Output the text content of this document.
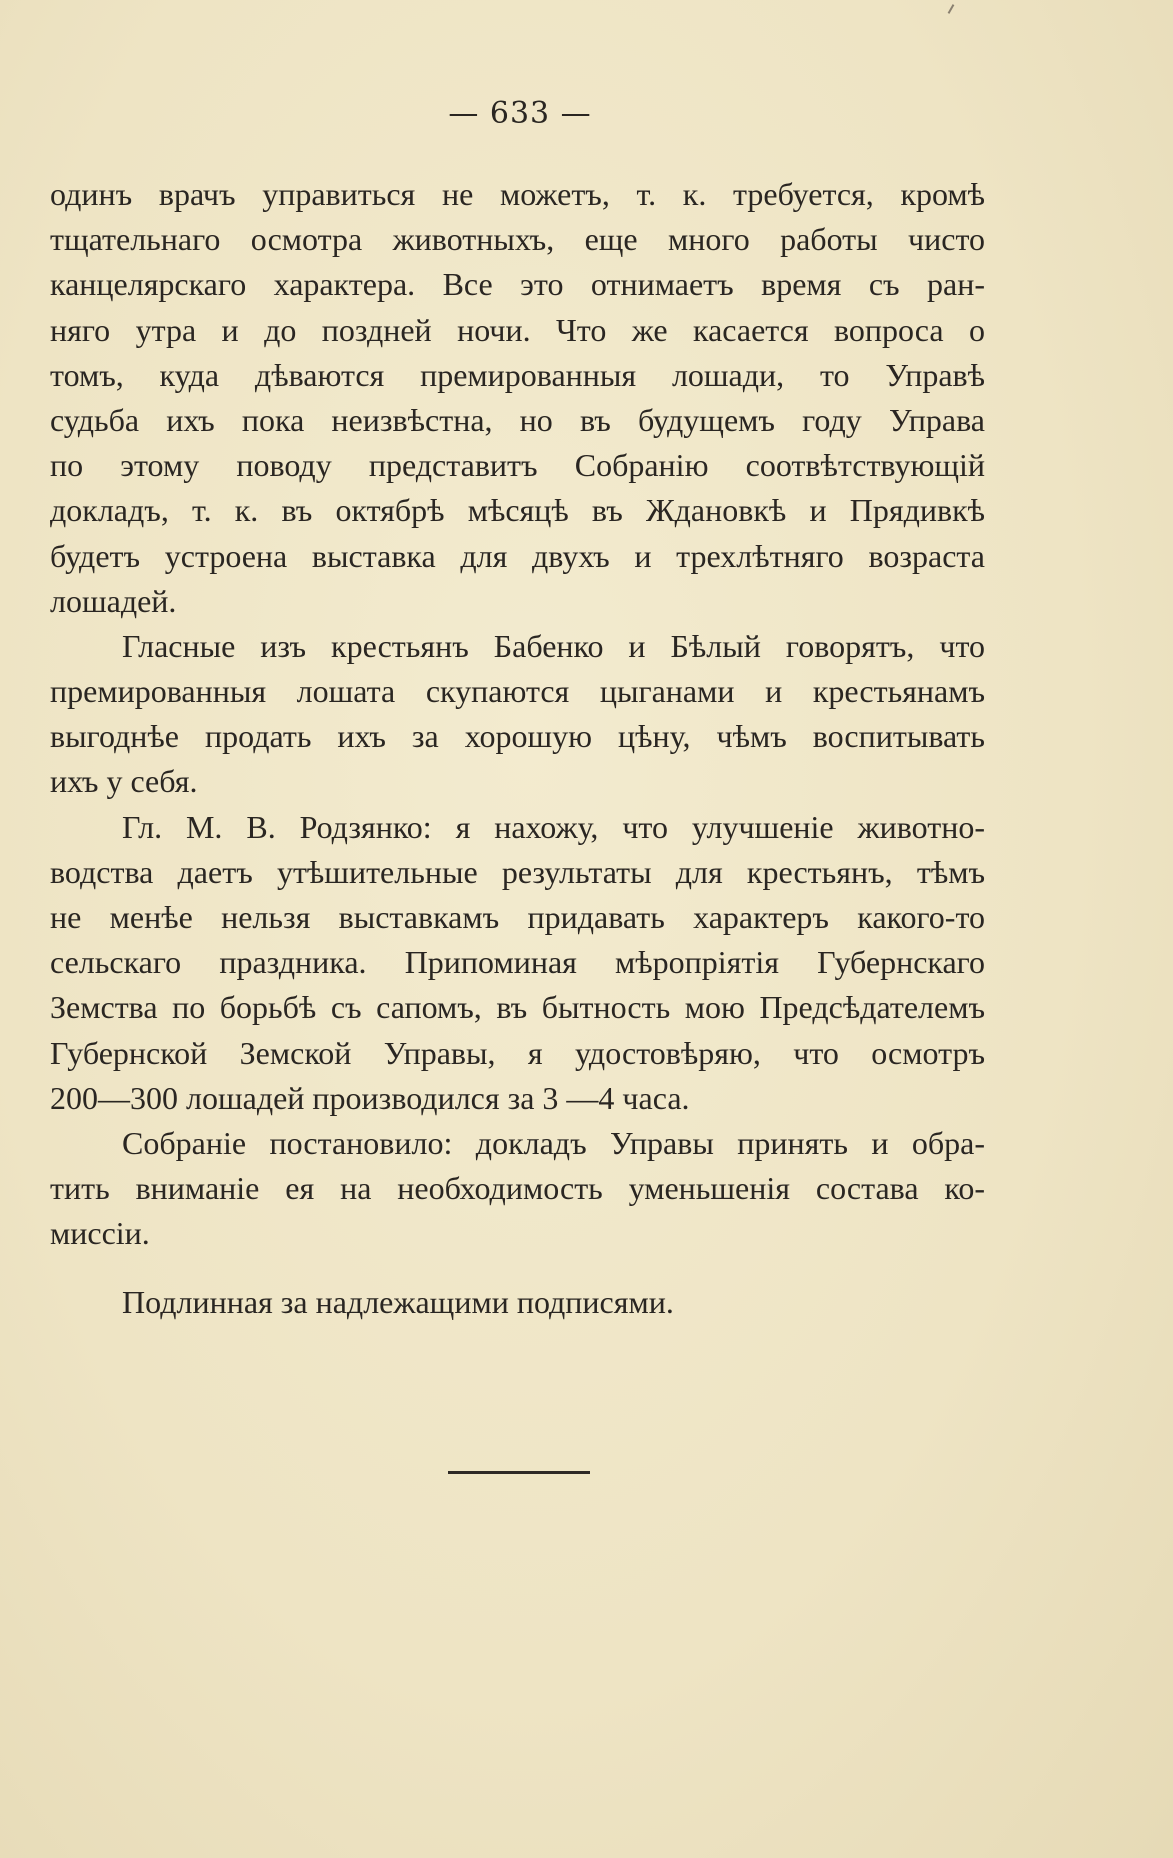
— 633 —
одинъ врачъ управиться не можетъ, т. к. требуется, кромѣ
тщательнаго осмотра животныхъ, еще много работы чисто
канцелярскаго характера. Все это отнимаетъ время съ ран-
няго утра и до поздней ночи. Что же касается вопроса о
томъ, куда дѣваются премированныя лошади, то Управѣ
судьба ихъ пока неизвѣстна, но въ будущемъ году Управа
по этому поводу представитъ Собранію соотвѣтствующій
докладъ, т. к. въ октябрѣ мѣсяцѣ въ Ждановкѣ и Прядивкѣ
будетъ устроена выставка для двухъ и трехлѣтняго возраста
лошадей.
Гласные изъ крестьянъ Бабенко и Бѣлый говорятъ, что
премированныя лошата скупаются цыганами и крестьянамъ
выгоднѣе продать ихъ за хорошую цѣну, чѣмъ воспитывать
ихъ у себя.
Гл. М. В. Родзянко: я нахожу, что улучшеніе животно-
водства даетъ утѣшительные результаты для крестьянъ, тѣмъ
не менѣе нельзя выставкамъ придавать характеръ какого-то
сельскаго праздника. Припоминая мѣропріятія Губернскаго
Земства по борьбѣ съ сапомъ, въ бытность мою Предсѣдателемъ
Губернской Земской Управы, я удостовѣряю, что осмотръ
200—300 лошадей производился за 3 —4 часа.
Собраніе постановило: докладъ Управы принять и обра-
тить вниманіе ея на необходимость уменьшенія состава ко-
миссіи.
Подлинная за надлежащими подписями.
